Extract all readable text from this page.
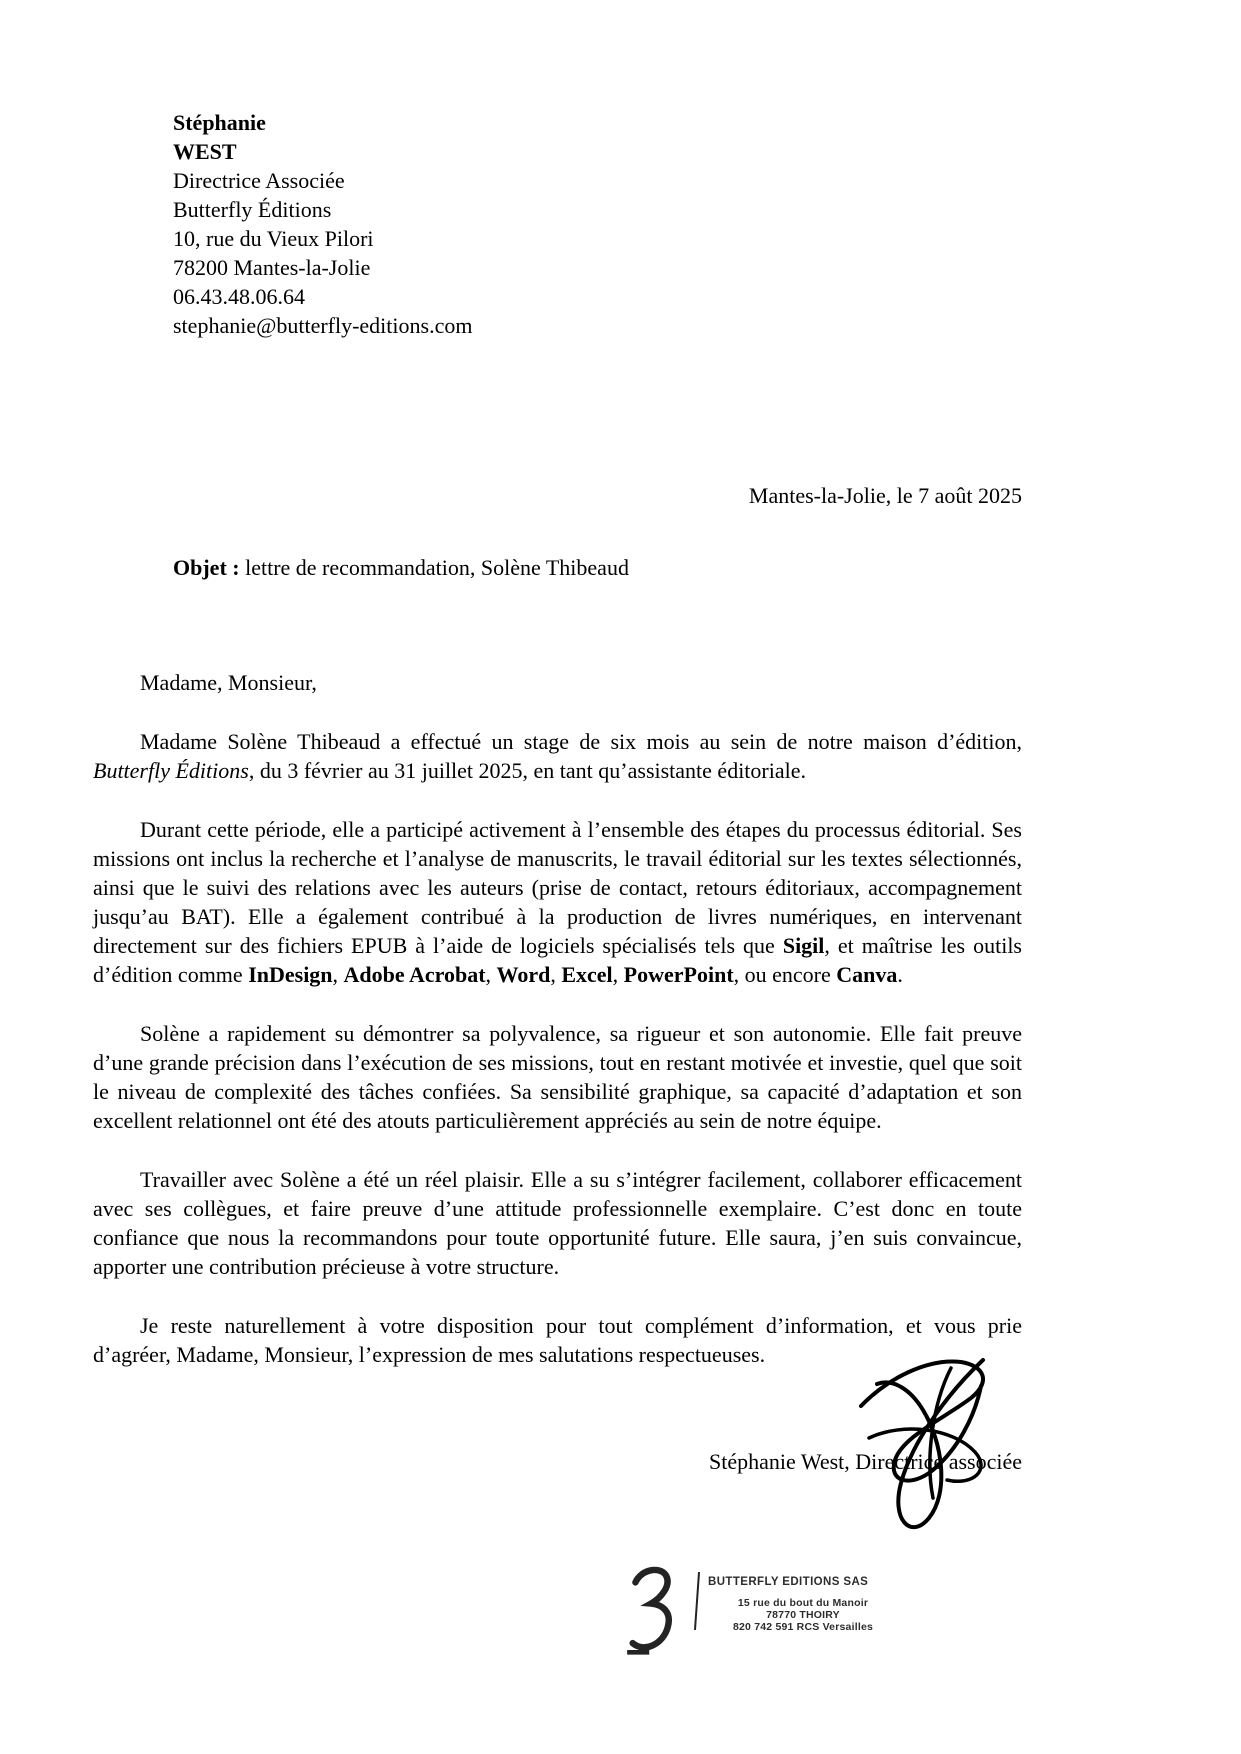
Stéphanie
WEST
Directrice Associée
Butterfly Éditions
10, rue du Vieux Pilori
78200 Mantes-la-Jolie
06.43.48.06.64
stephanie@butterfly-editions.com
Mantes-la-Jolie, le 7 août 2025
Objet : lettre de recommandation, Solène Thibeaud
Madame, Monsieur,

Madame Solène Thibeaud a effectué un stage de six mois au sein de notre maison d’édition, Butterfly Éditions, du 3 février au 31 juillet 2025, en tant qu’assistante éditoriale.

Durant cette période, elle a participé activement à l’ensemble des étapes du processus éditorial. Ses missions ont inclus la recherche et l’analyse de manuscrits, le travail éditorial sur les textes sélectionnés, ainsi que le suivi des relations avec les auteurs (prise de contact, retours éditoriaux, accompagnement jusqu’au BAT). Elle a également contribué à la production de livres numériques, en intervenant directement sur des fichiers EPUB à l’aide de logiciels spécialisés tels que Sigil, et maîtrise les outils d’édition comme InDesign, Adobe Acrobat, Word, Excel, PowerPoint, ou encore Canva.

Solène a rapidement su démontrer sa polyvalence, sa rigueur et son autonomie. Elle fait preuve d’une grande précision dans l’exécution de ses missions, tout en restant motivée et investie, quel que soit le niveau de complexité des tâches confiées. Sa sensibilité graphique, sa capacité d’adaptation et son excellent relationnel ont été des atouts particulièrement appréciés au sein de notre équipe.

Travailler avec Solène a été un réel plaisir. Elle a su s’intégrer facilement, collaborer efficacement avec ses collègues, et faire preuve d’une attitude professionnelle exemplaire. C’est donc en toute confiance que nous la recommandons pour toute opportunité future. Elle saura, j’en suis convaincue, apporter une contribution précieuse à votre structure.

Je reste naturellement à votre disposition pour tout complément d’information, et vous prie d’agréer, Madame, Monsieur, l’expression de mes salutations respectueuses.

Stéphanie West, Directrice associée
BUTTERFLY EDITIONS SAS
15 rue du bout du Manoir
78770 THOIRY
820 742 591 RCS Versailles
